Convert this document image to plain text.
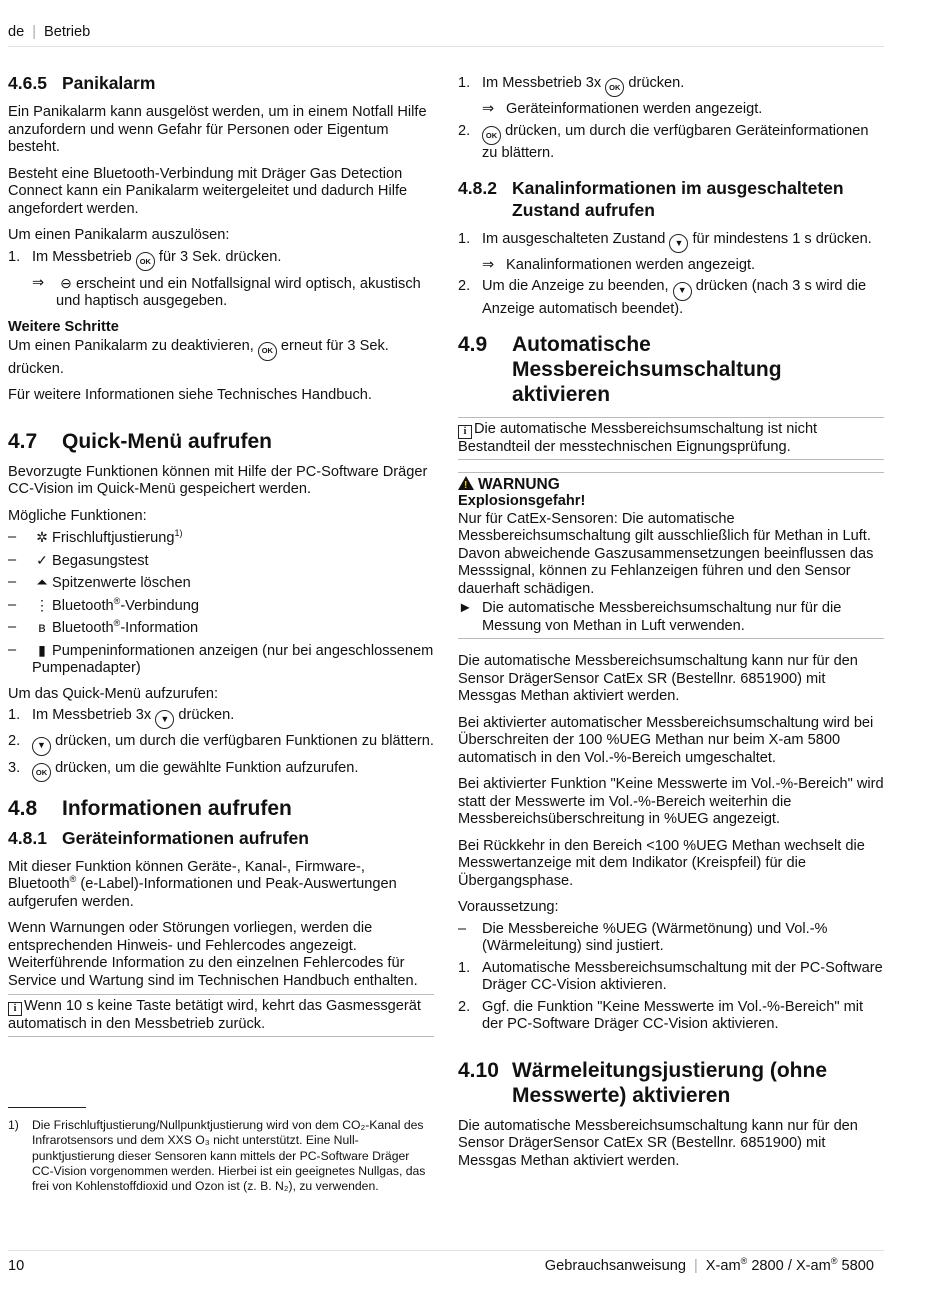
de | Betrieb
4.6.5 Panikalarm

Ein Panikalarm kann ausgelöst werden, um in einem Notfall Hilfe anzufordern und wenn Gefahr für Personen oder Eigentum besteht.

Besteht eine Bluetooth-Verbindung mit Dräger Gas Detection Connect kann ein Panikalarm weitergeleitet und dadurch Hilfe angefordert werden.

Um einen Panikalarm auszulösen:

1. Im Messbetrieb OK für 3 Sek. drücken.
⇒	⊖ erscheint und ein Notfallsignal wird optisch, akustisch und haptisch ausgegeben.
Weitere Schritte

Um einen Panikalarm zu deaktivieren, OK erneut für 3 Sek. drücken.

Für weitere Informationen siehe Technisches Handbuch.

4.7 Quick-Menü aufrufen

Bevorzugte Funktionen können mit Hilfe der PC-Software Dräger CC-Vision im Quick-Menü gespeichert werden.

Mögliche Funktionen:

–	✲ Frischluftjustierung$^{1)}$
–	✓ Begasungstest
–	⏶ Spitzenwerte löschen
–	⋮ Bluetooth®-Verbindung
–	ʙ Bluetooth®-Information
–	▮ Pumpeninformationen anzeigen (nur bei angeschlossenem Pumpenadapter)

Um das Quick-Menü aufzurufen:

1. Im Messbetrieb 3x ▼ drücken.
2.	▼ drücken, um durch die verfügbaren Funktionen zu blättern.
3.	OK drücken, um die gewählte Funktion aufzurufen.
4.8 Informationen aufrufen
4.8.1 Geräteinformationen aufrufen

Mit dieser Funktion können Geräte-, Kanal-, Firmware-, Bluetooth® (e-Label)-Informationen und Peak-Auswertungen aufgerufen werden.

Wenn Warnungen oder Störungen vorliegen, werden die entsprechenden Hinweis- und Fehlercodes angezeigt. Weiterführende Information zu den einzelnen Fehlercodes für Service und Wartung sind im Technischen Handbuch enthalten.

i Wenn 10 s keine Taste betätigt wird, kehrt das Gasmessgerät automatisch in den Messbetrieb zurück.
1)	Die Frischluftjustierung/Nullpunktjustierung wird von dem CO₂-Kanal des Infrarotsensors und dem XXS O₃ nicht unterstützt. Eine Nullpunktjustierung dieser Sensoren kann mittels der PC-Software Dräger CC-Vision vorgenommen werden. Hierbei ist ein geeignetes Nullgas, das frei von Kohlenstoffdioxid und Ozon ist (z. B. N₂), zu verwenden.
1. Im Messbetrieb 3x OK drücken.
⇒ Geräteinformationen werden angezeigt.
2.	OK drücken, um durch die verfügbaren Geräteinformationen zu blättern.
4.8.2 Kanalinformationen im ausgeschalteten Zustand aufrufen
1. Im ausgeschalteten Zustand ▼ für mindestens 1 s drücken.
⇒ Kanalinformationen werden angezeigt.
2. Um die Anzeige zu beenden, ▼ drücken (nach 3 s wird die Anzeige automatisch beendet).
4.9	Automatische Messbereichsumschaltung aktivieren
i Die automatische Messbereichsumschaltung ist nicht Bestandteil der messtechnischen Eignungsprüfung.
!WARNUNG
Explosionsgefahr!
Nur für CatEx-Sensoren: Die automatische Messbereichsumschaltung gilt ausschließlich für Methan in Luft. Davon abweichende Gaszusammensetzungen beeinflussen das Messsignal, können zu Fehlanzeigen führen und den Sensor dauerhaft schädigen.
► Die automatische Messbereichsumschaltung nur für die Messung von Methan in Luft verwenden.

Die automatische Messbereichsumschaltung kann nur für den Sensor DrägerSensor CatEx SR (Bestellnr. 6851900) mit Messgas Methan aktiviert werden.

Bei aktivierter automatischer Messbereichsumschaltung wird bei Überschreiten der 100 %UEG Methan nur beim X-am 5800 automatisch in den Vol.-%-Bereich umgeschaltet.

Bei aktivierter Funktion "Keine Messwerte im Vol.-%-Bereich" wird statt der Messwerte im Vol.-%-Bereich weiterhin die Messbereichsüberschreitung in %UEG angezeigt.

Bei Rückkehr in den Bereich <100 %UEG Methan wechselt die Messwertanzeige mit dem Indikator (Kreispfeil) für die Übergangsphase.

Voraussetzung:

–	Die Messbereiche %UEG (Wärmetönung) und Vol.-% (Wärmeleitung) sind justiert.
1. Automatische Messbereichsumschaltung mit der PC-Software Dräger CC-Vision aktivieren.
2. Ggf. die Funktion "Keine Messwerte im Vol.-%-Bereich" mit der PC-Software Dräger CC-Vision aktivieren.
4.10 Wärmeleitungsjustierung (ohne Messwerte) aktivieren

Die automatische Messbereichsumschaltung kann nur für den Sensor DrägerSensor CatEx SR (Bestellnr. 6851900) mit Messgas Methan aktiviert werden.

10	Gebrauchsanweisung | X-am® 2800 / X-am® 5800
